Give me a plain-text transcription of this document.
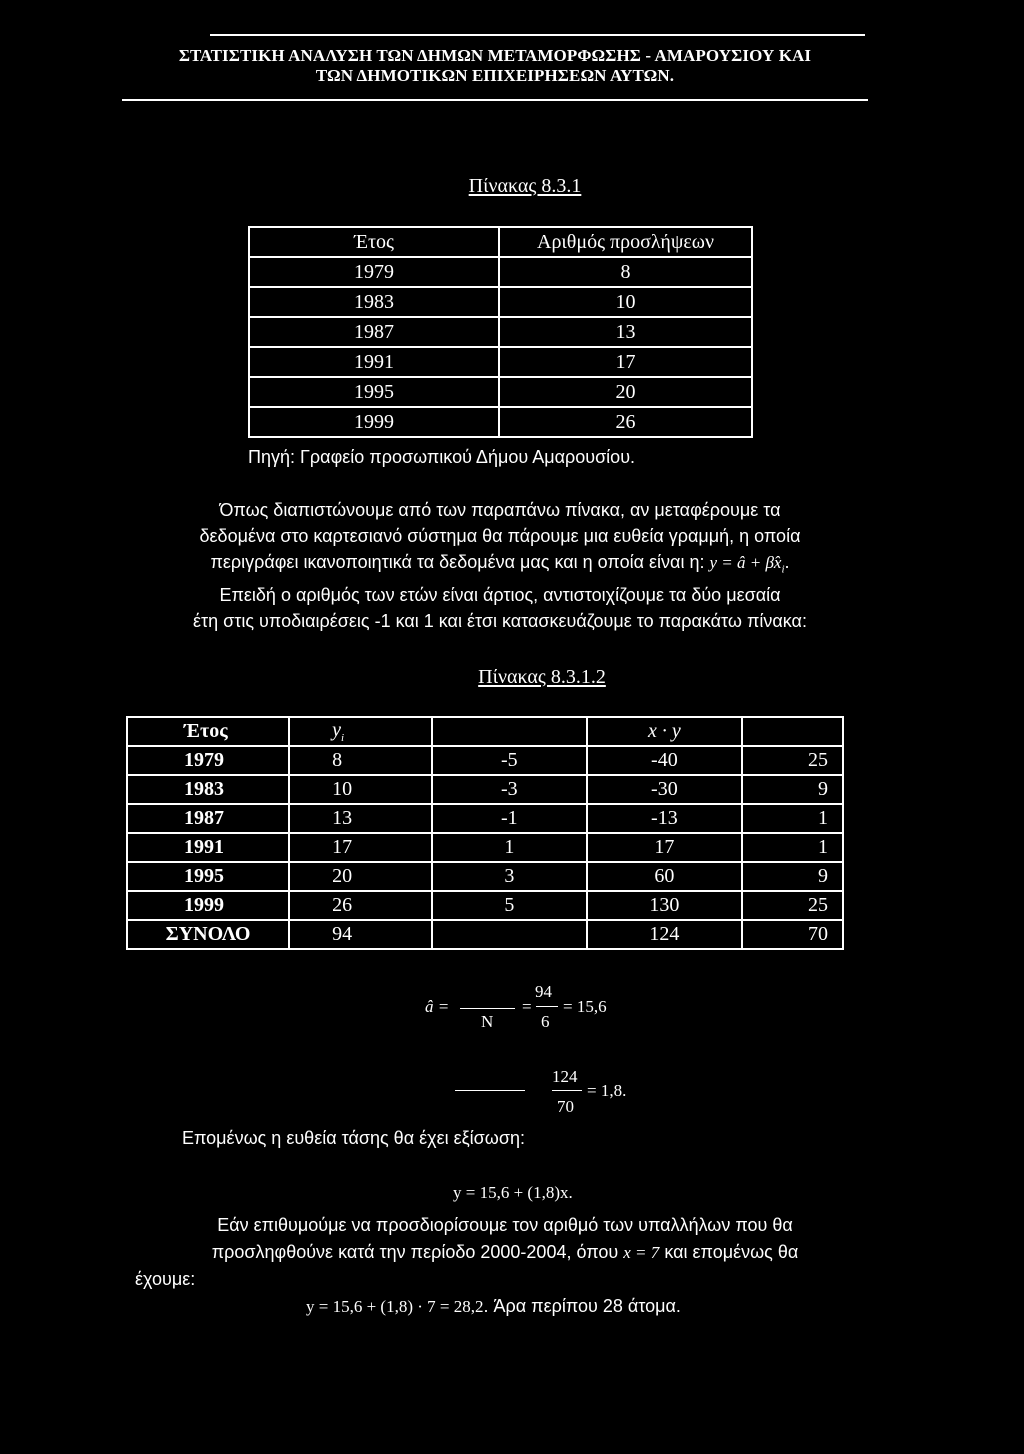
ΣΤΑΤΙΣΤΙΚΗ ΑΝΑΛΥΣΗ ΤΩΝ ΔΗΜΩΝ ΜΕΤΑΜΟΡΦΩΣΗΣ - ΑΜΑΡΟΥΣΙΟΥ ΚΑΙ
ΤΩΝ ΔΗΜΟΤΙΚΩΝ ΕΠΙΧΕΙΡΗΣΕΩΝ ΑΥΤΩΝ.
Πίνακας 8.3.1
Έτος	Αριθμός προσλήψεων
1979	8
1983	10
1987	13
1991	17
1995	20
1999	26
Πηγή: Γραφείο προσωπικού Δήμου Αμαρουσίου.
Όπως διαπιστώνουμε από των παραπάνω πίνακα, αν μεταφέρουμε τα
δεδομένα στο καρτεσιανό σύστημα θα πάρουμε μια ευθεία γραμμή, η οποία
περιγράφει ικανοποιητικά τα δεδομένα μας και η οποία είναι η: y = â + $\betâx_i$.
Επειδή ο αριθμός των ετών είναι άρτιος, αντιστοιχίζουμε τα δύο μεσαία
έτη στις υποδιαιρέσεις -1 και 1 και έτσι κατασκευάζουμε το παρακάτω πίνακα:
Πίνακας 8.3.1.2
Έτος	$y_i$		x · y	
1979	8	-5	-40	25
1983	10	-3	-30	9
1987	13	-1	-13	1
1991	17	1	17	1
1995	20	3	60	9
1999	26	5	130	25
ΣΥΝΟΛΟ	94		124	70
â =
N
=
94
6
= 15,6
124
70
= 1,8.
Επομένως η ευθεία τάσης θα έχει εξίσωση:
y = 15,6 + (1,8)x.
Εάν επιθυμούμε να προσδιορίσουμε τον αριθμό των υπαλλήλων που θα
προσληφθούνε κατά την περίοδο 2000-2004, όπου x = 7 και επομένως θα
έχουμε:
y = 15,6 + (1,8) · 7 = 28,2. Άρα περίπου 28 άτομα.
